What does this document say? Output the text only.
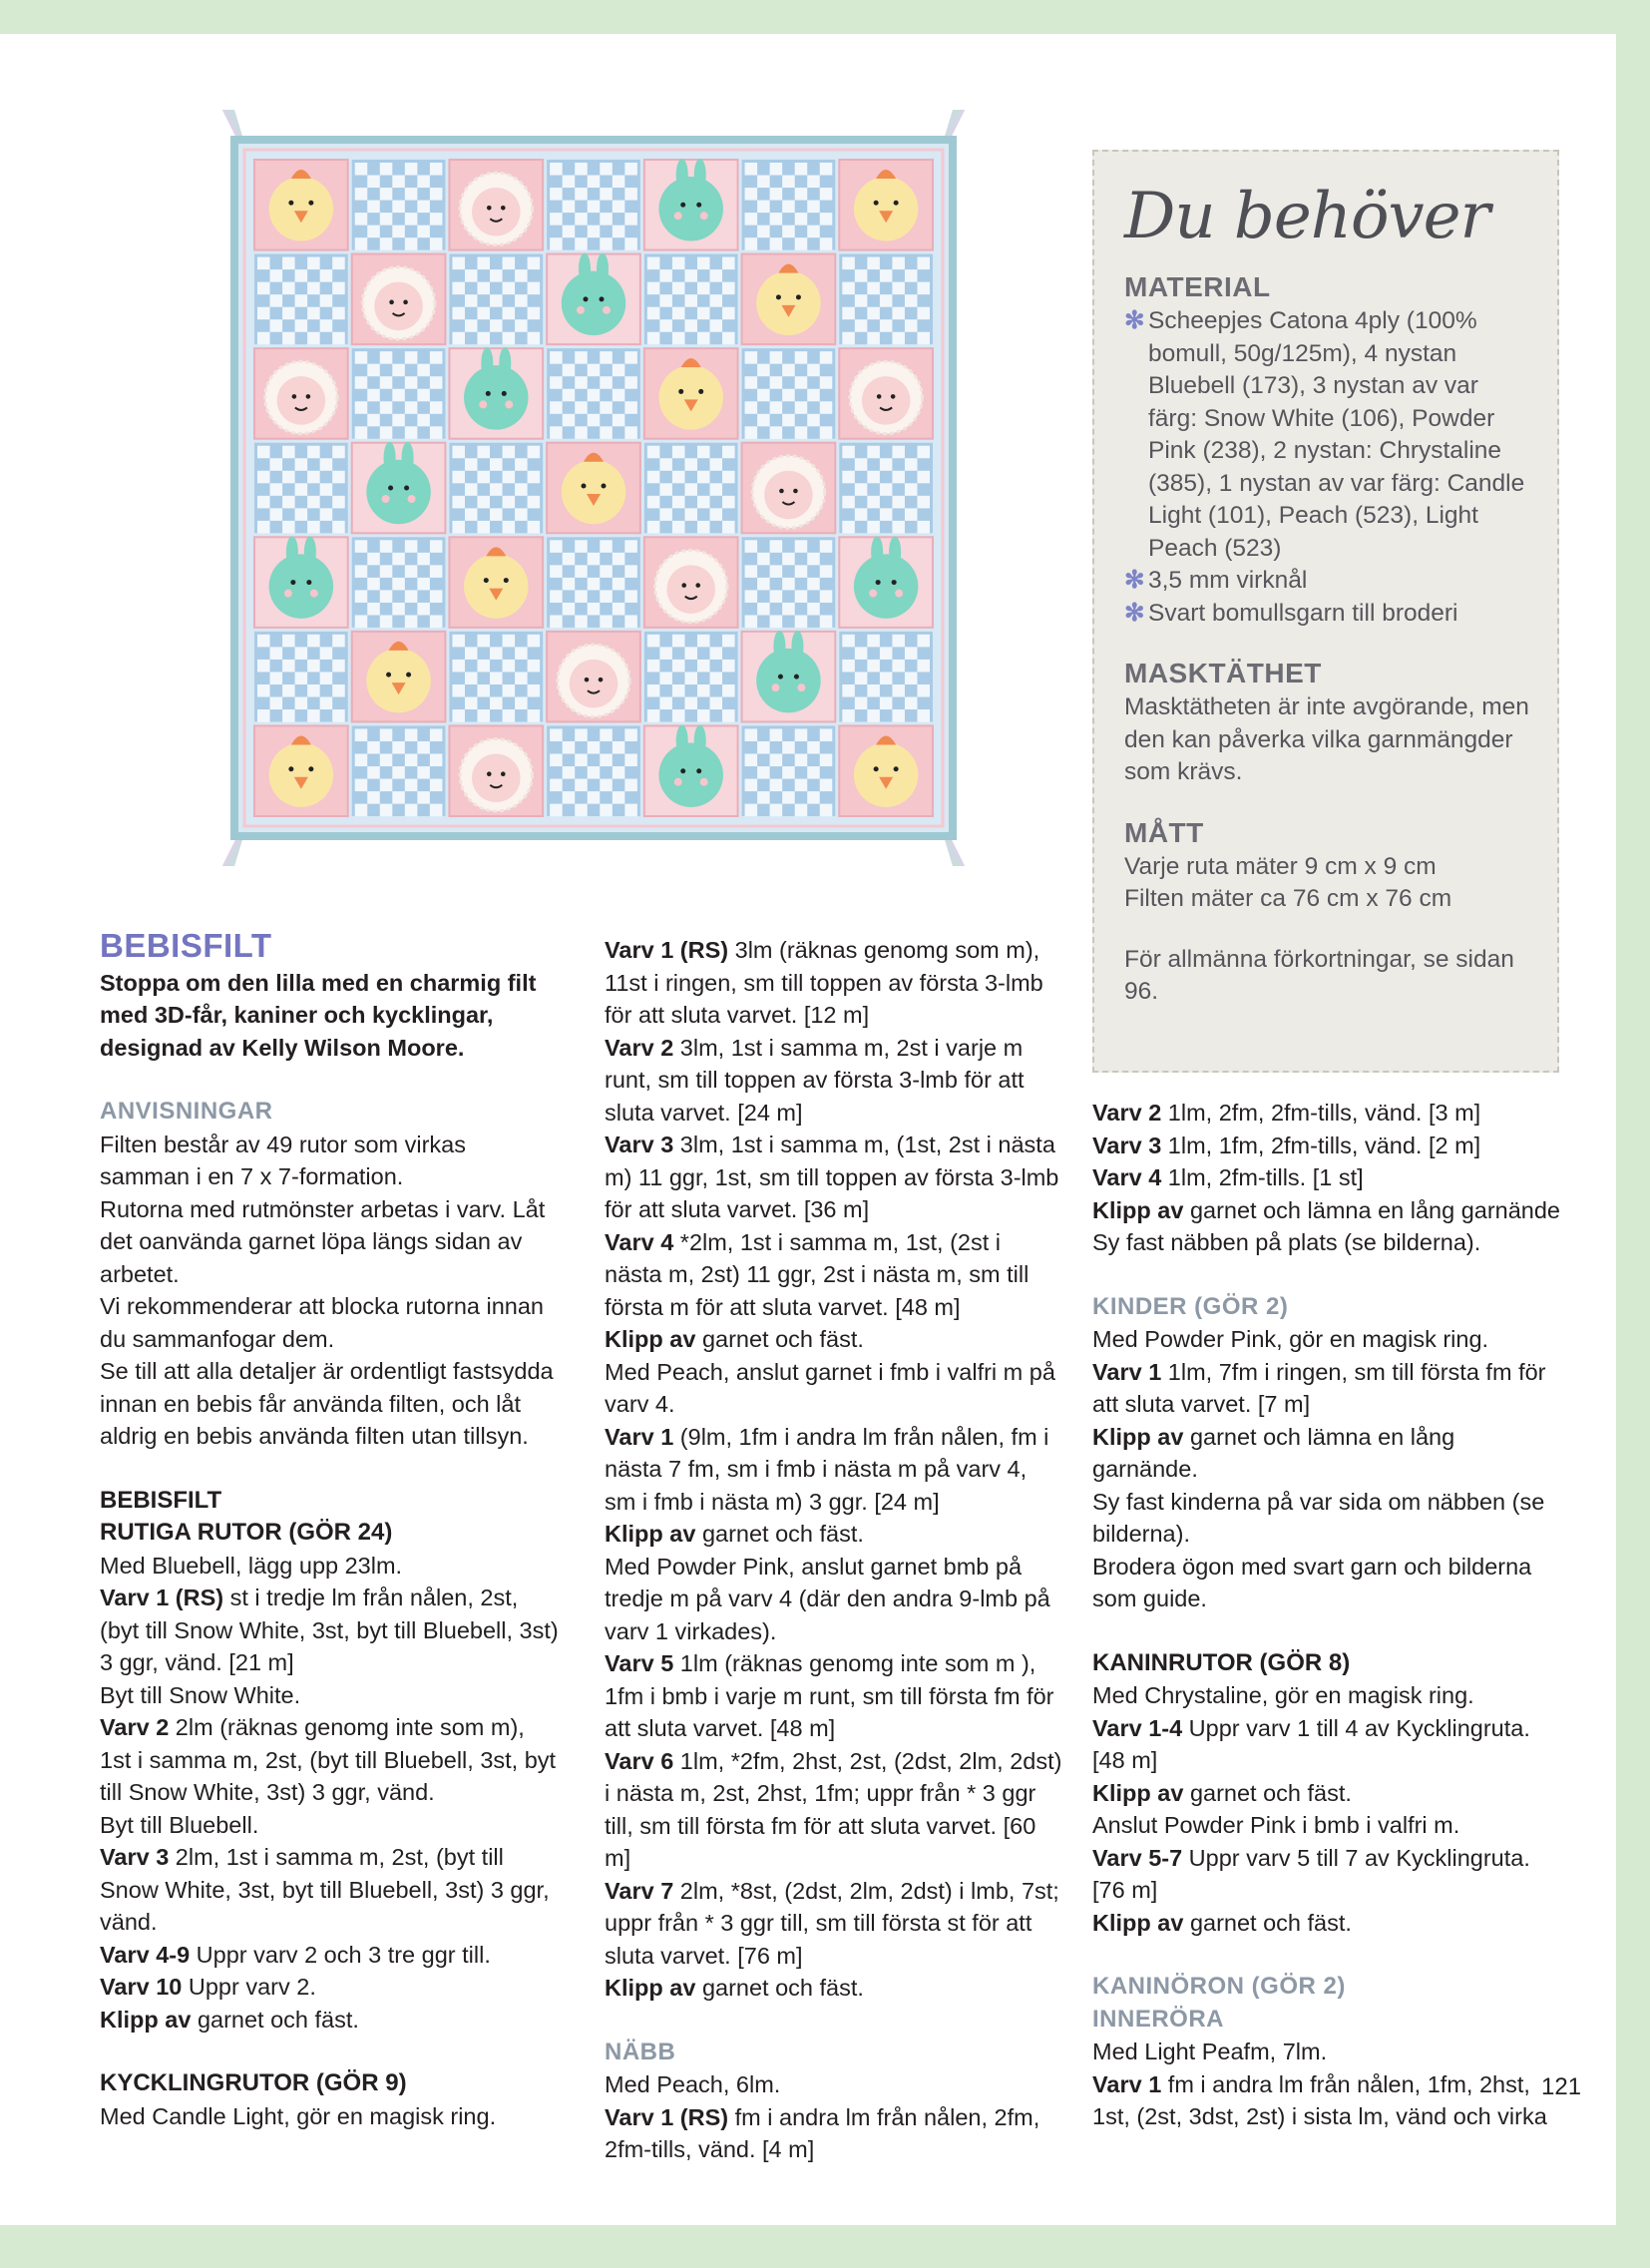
Du behöver
MATERIAL
✻ Scheepjes Catona 4ply (100% bomull, 50g/125m), 4 nystan Bluebell (173), 3 nystan av var färg: Snow White (106), Powder Pink (238), 2 nystan: Chrystaline (385), 1 nystan av var färg: Candle Light (101), Peach (523), Light Peach (523)
✻ 3,5 mm virknål
✻ Svart bomullsgarn till broderi
MASKTÄTHET

Masktätheten är inte avgörande, men den kan påverka vilka garnmängder som krävs.

MÅTT

Varje ruta mäter 9 cm x 9 cm

Filten mäter ca 76 cm x 76 cm

För allmänna förkortningar, se sidan 96.

BEBISFILT

Stoppa om den lilla med en charmig filt med 3D-får, kaniner och kycklingar, designad av Kelly Wilson Moore.

ANVISNINGAR

Filten består av 49 rutor som virkas samman i en 7 x 7-formation.

Rutorna med rutmönster arbetas i varv. Låt det oanvända garnet löpa längs sidan av arbetet.

Vi rekommenderar att blocka rutorna innan du sammanfogar dem.

Se till att alla detaljer är ordentligt fastsydda innan en bebis får använda filten, och låt aldrig en bebis använda filten utan tillsyn.

BEBISFILT
RUTIGA RUTOR (GÖR 24)

Med Bluebell, lägg upp 23lm.

Varv 1 (RS) st i tredje lm från nålen, 2st, (byt till Snow White, 3st, byt till Bluebell, 3st) 3 ggr, vänd. [21 m]

Byt till Snow White.

Varv 2 2lm (räknas genomg inte som m), 1st i samma m, 2st, (byt till Bluebell, 3st, byt till Snow White, 3st) 3 ggr, vänd.

Byt till Bluebell.

Varv 3 2lm, 1st i samma m, 2st, (byt till Snow White, 3st, byt till Bluebell, 3st) 3 ggr, vänd.

Varv 4-9 Uppr varv 2 och 3 tre ggr till.

Varv 10 Uppr varv 2.

Klipp av garnet och fäst.

KYCKLINGRUTOR (GÖR 9)

Med Candle Light, gör en magisk ring.

Varv 1 (RS) 3lm (räknas genomg som m), 11st i ringen, sm till toppen av första 3-lmb för att sluta varvet. [12 m]

Varv 2 3lm, 1st i samma m, 2st i varje m runt, sm till toppen av första 3-lmb för att sluta varvet. [24 m]

Varv 3 3lm, 1st i samma m, (1st, 2st i nästa m) 11 ggr, 1st, sm till toppen av första 3-lmb för att sluta varvet. [36 m]

Varv 4 *2lm, 1st i samma m, 1st, (2st i nästa m, 2st) 11 ggr, 2st i nästa m, sm till första m för att sluta varvet. [48 m]

Klipp av garnet och fäst.

Med Peach, anslut garnet i fmb i valfri m på varv 4.

Varv 1 (9lm, 1fm i andra lm från nålen, fm i nästa 7 fm, sm i fmb i nästa m på varv 4, sm i fmb i nästa m) 3 ggr. [24 m]

Klipp av garnet och fäst.

Med Powder Pink, anslut garnet bmb på tredje m på varv 4 (där den andra 9-lmb på varv 1 virkades).

Varv 5 1lm (räknas genomg inte som m ), 1fm i bmb i varje m runt, sm till första fm för att sluta varvet. [48 m]

Varv 6 1lm, *2fm, 2hst, 2st, (2dst, 2lm, 2dst) i nästa m, 2st, 2hst, 1fm; uppr från * 3 ggr till, sm till första fm för att sluta varvet. [60 m]

Varv 7 2lm, *8st, (2dst, 2lm, 2dst) i lmb, 7st; uppr från * 3 ggr till, sm till första st för att sluta varvet. [76 m]

Klipp av garnet och fäst.

NÄBB

Med Peach, 6lm.

Varv 1 (RS) fm i andra lm från nålen, 2fm, 2fm-tills, vänd. [4 m]

Varv 2 1lm, 2fm, 2fm-tills, vänd. [3 m]

Varv 3 1lm, 1fm, 2fm-tills, vänd. [2 m]

Varv 4 1lm, 2fm-tills. [1 st]

Klipp av garnet och lämna en lång garnände

Sy fast näbben på plats (se bilderna).

KINDER (GÖR 2)

Med Powder Pink, gör en magisk ring.

Varv 1 1lm, 7fm i ringen, sm till första fm för att sluta varvet. [7 m]

Klipp av garnet och lämna en lång garnände.

Sy fast kinderna på var sida om näbben (se bilderna).

Brodera ögon med svart garn och bilderna som guide.

KANINRUTOR (GÖR 8)

Med Chrystaline, gör en magisk ring.

Varv 1-4 Uppr varv 1 till 4 av Kycklingruta. [48 m]

Klipp av garnet och fäst.

Anslut Powder Pink i bmb i valfri m.

Varv 5-7 Uppr varv 5 till 7 av Kycklingruta. [76 m]

Klipp av garnet och fäst.

KANINÖRON (GÖR 2)
INNERÖRA

Med Light Peafm, 7lm.

Varv 1 fm i andra lm från nålen, 1fm, 2hst, 1st, (2st, 3dst, 2st) i sista lm, vänd och virka

121
